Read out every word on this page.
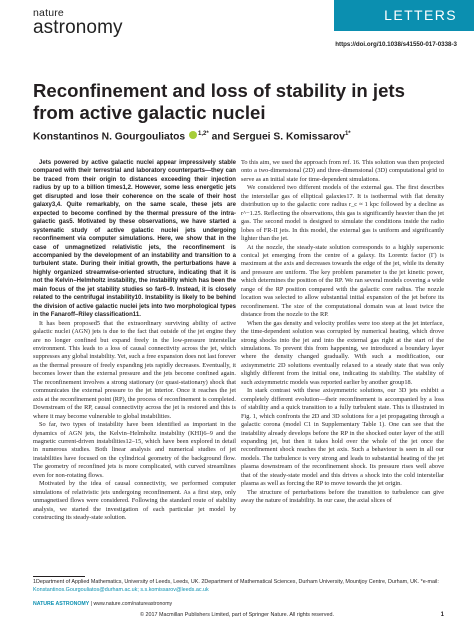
nature
astronomy
LETTERS
https://doi.org/10.1038/s41550-017-0338-3
Reconfinement and loss of stability in jets from active galactic nuclei
Konstantinos N. Gourgouliatos $^{1,2*}$ and Serguei S. Komissarov$^{1*}$

Jets powered by active galactic nuclei appear impressively stable compared with their terrestrial and laboratory counterparts—they can be traced from their origin to distances exceeding their injection radius by up to a billion times1,2. However, some less energetic jets get disrupted and lose their coherence on the scale of their host galaxy3,4. Quite remarkably, on the same scale, these jets are expected to become confined by the thermal pressure of the intra-galactic gas5. Motivated by these observations, we have started a systematic study of active galactic nuclei jets undergoing reconfinement via computer simulations. Here, we show that in the case of unmagnetized relativistic jets, the reconfinement is accompanied by the development of an instability and transition to a turbulent state. During their initial growth, the perturbations have a highly organized streamwise-oriented structure, indicating that it is not the Kelvin–Helmholtz instability, the instability which has been the main focus of the jet stability studies so far6–9. Instead, it is closely related to the centrifugal instability10. Instability is likely to be behind the division of active galactic nuclei jets into two morphological types in the Fanaroff–Riley classification11.

It has been proposed5 that the extraordinary surviving ability of active galactic nuclei (AGN) jets is due to the fact that outside of the jet engine they are no longer confined but expand freely in the low-pressure interstellar environment. This leads to a loss of causal connectivity across the jet, which suppresses any global instability. Yet, such a free expansion does not last forever as the thermal pressure of freely expanding jets rapidly decreases. Eventually, it becomes lower than the external pressure and the jets become confined again. The reconfinement involves a strong stationary (or quasi-stationary) shock that communicates the external pressure to the jet interior. Once it reaches the jet axis at the reconfinement point (RP), the process of reconfinement is completed. Downstream of the RP, causal connectivity across the jet is restored and this is where it may become vulnerable to global instabilities.

So far, two types of instability have been identified as important in the dynamics of AGN jets, the Kelvin–Helmholtz instability (KHI)6–9 and the magnetic current-driven instabilities12–15, which have been explored in detail in numerous studies. Both linear analysis and numerical studies of jet instabilities have focused on the cylindrical geometry of the background flow. The geometry of reconfined jets is more complicated, with curved streamlines even for non-rotating flows.

Motivated by the idea of causal connectivity, we performed computer simulations of relativistic jets undergoing reconfinement. As a first step, only unmagnetised flows were considered. Following the standard route of stability analysis, we started the investigation of each particular jet model by constructing its steady-state solution.

To this aim, we used the approach from ref. 16. This solution was then projected onto a two-dimensional (2D) and three-dimensional (3D) computational grid to serve as an initial state for time-dependent simulations.

We considered two different models of the external gas. The first describes the interstellar gas of elliptical galaxies17. It is isothermal with flat density distribution up to the galactic core radius r_c ≈ 1 kpc followed by a decline as r^−1.25. Reflecting the observations, this gas is significantly heavier than the jet gas. The second model is designed to simulate the conditions inside the radio lobes of FR-II jets. In this model, the external gas is uniform and significantly lighter than the jet.

At the nozzle, the steady-state solution corresponds to a highly supersonic conical jet emerging from the centre of a galaxy. Its Lorentz factor (Γ) is maximum at the axis and decreases towards the edge of the jet, while its density and pressure are uniform. The key problem parameter is the jet kinetic power, which determines the position of the RP. We ran several models covering a wide range of the RP position compared with the galactic core radius. The nozzle location was selected to allow substantial initial expansion of the jet before its reconfinement. The size of the computational domain was at least twice the distance from the nozzle to the RP.

When the gas density and velocity profiles were too steep at the jet interface, the time-dependent solution was corrupted by numerical heating, which drove strong shocks into the jet and into the external gas right at the start of the simulations. To prevent this from happening, we introduced a boundary layer where the density changed gradually. With such a modification, our axisymmetric 2D solutions eventually relaxed to a steady state that was only slightly different from the initial one, indicating its stability. The stability of such axisymmetric models was reported earlier by another group18.

In stark contrast with these axisymmetric solutions, our 3D jets exhibit a completely different evolution—their reconfinement is accompanied by a loss of stability and a quick transition to a fully turbulent state. This is illustrated in Fig. 1, which confronts the 2D and 3D solutions for a jet propagating through a galactic corona (model C1 in Supplementary Table 1). One can see that the instability already develops before the RP in the shocked outer layer of the still expanding jet, but then it takes hold over the whole of the jet once the reconfinement shock reaches the jet axis. Such a behaviour is seen in all our models. The turbulence is very strong and leads to substantial heating of the jet plasma downstream of the reconfinement shock. Its pressure rises well above that of the steady-state model and this drives a shock into the cold interstellar plasma as well as forcing the RP to move towards the jet origin.

The structure of perturbations before the transition to turbulence can give away the nature of instability. In our case, the axial slices of

1Department of Applied Mathematics, University of Leeds, Leeds, UK. 2Department of Mathematical Sciences, Durham University, Mountjoy Centre, Durham, UK. *e-mail: Konstantinos.Gourgouliatos@durham.ac.uk; s.s.komissarov@leeds.ac.uk
NATURE ASTRONOMY | www.nature.com/natureastronomy
© 2017 Macmillan Publishers Limited, part of Springer Nature. All rights reserved.	1
